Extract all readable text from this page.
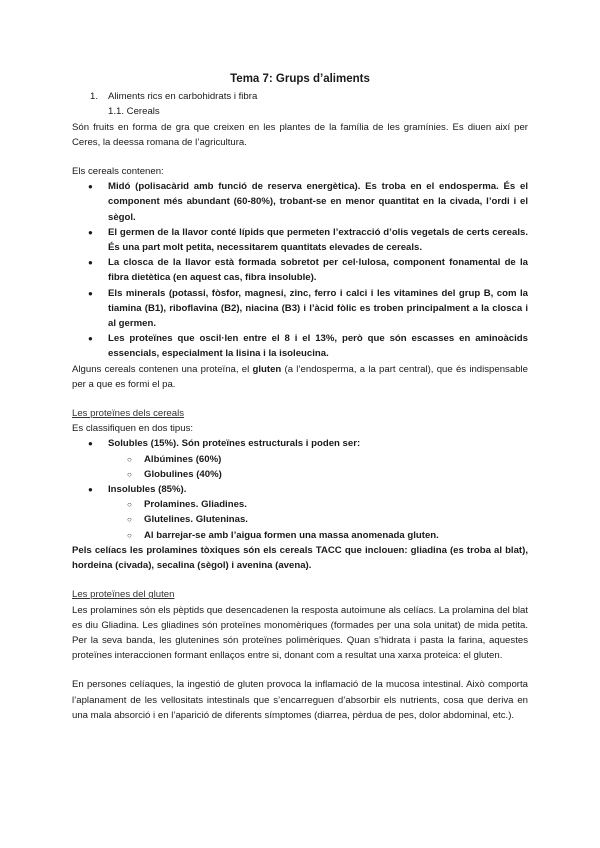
Tema 7: Grups d’aliments
1. Aliments rics en carbohidrats i fibra
1.1. Cereals

Són fruits en forma de gra que creixen en les plantes de la família de les gramínies. Es diuen així per Ceres, la deessa romana de l’agricultura.

Els cereals contenen:

● Midó (polisacàrid amb funció de reserva energètica). Es troba en el endosperma. És el component més abundant (60-80%), trobant-se en menor quantitat en la civada, l’ordi i el sègol.
● El germen de la llavor conté lípids que permeten l’extracció d’olis vegetals de certs cereals. És una part molt petita, necessitarem quantitats elevades de cereals.
● La closca de la llavor està formada sobretot per cel·lulosa, component fonamental de la fibra dietètica (en aquest cas, fibra insoluble).
● Els minerals (potassi, fòsfor, magnesi, zinc, ferro i calci i les vitamines del grup B, com la tiamina (B1), riboflavina (B2), niacina (B3) i l’àcid fòlic es troben principalment a la closca i al germen.
● Les proteïnes que oscil·len entre el 8 i el 13%, però que són escasses en aminoàcids essencials, especialment la lisina i la isoleucina.

Alguns cereals contenen una proteïna, el gluten (a l’endosperma, a la part central), que és indispensable per a que es formi el pa.

Les proteïnes dels cereals

Es classifiquen en dos tipus:

● Solubles (15%). Són proteïnes estructurals i poden ser:
○ Albúmines (60%)
○ Globulines (40%)
● Insolubles (85%).
○ Prolamines. Gliadines.
○ Glutelines. Gluteninas.
○ Al barrejar-se amb l’aigua formen una massa anomenada gluten.

Pels celíacs les prolamines tòxiques són els cereals TACC que inclouen: gliadina (es troba al blat), hordeina (civada), secalina (sègol) i avenina (avena).

Les proteïnes del gluten

Les prolamines són els pèptids que desencadenen la resposta autoimune als celíacs. La prolamina del blat es diu Gliadina. Les gliadines són proteïnes monomèriques (formades per una sola unitat) de mida petita. Per la seva banda, les glutenines són proteïnes polimèriques. Quan s’hidrata i pasta la farina, aquestes proteïnes interaccionen formant enllaços entre si, donant com a resultat una xarxa proteica: el gluten.

En persones celíaques, la ingestió de gluten provoca la inflamació de la mucosa intestinal. Això comporta l’aplanament de les vellositats intestinals que s’encarreguen d’absorbir els nutrients, cosa que deriva en una mala absorció i en l’aparició de diferents símptomes (diarrea, pèrdua de pes, dolor abdominal, etc.).
